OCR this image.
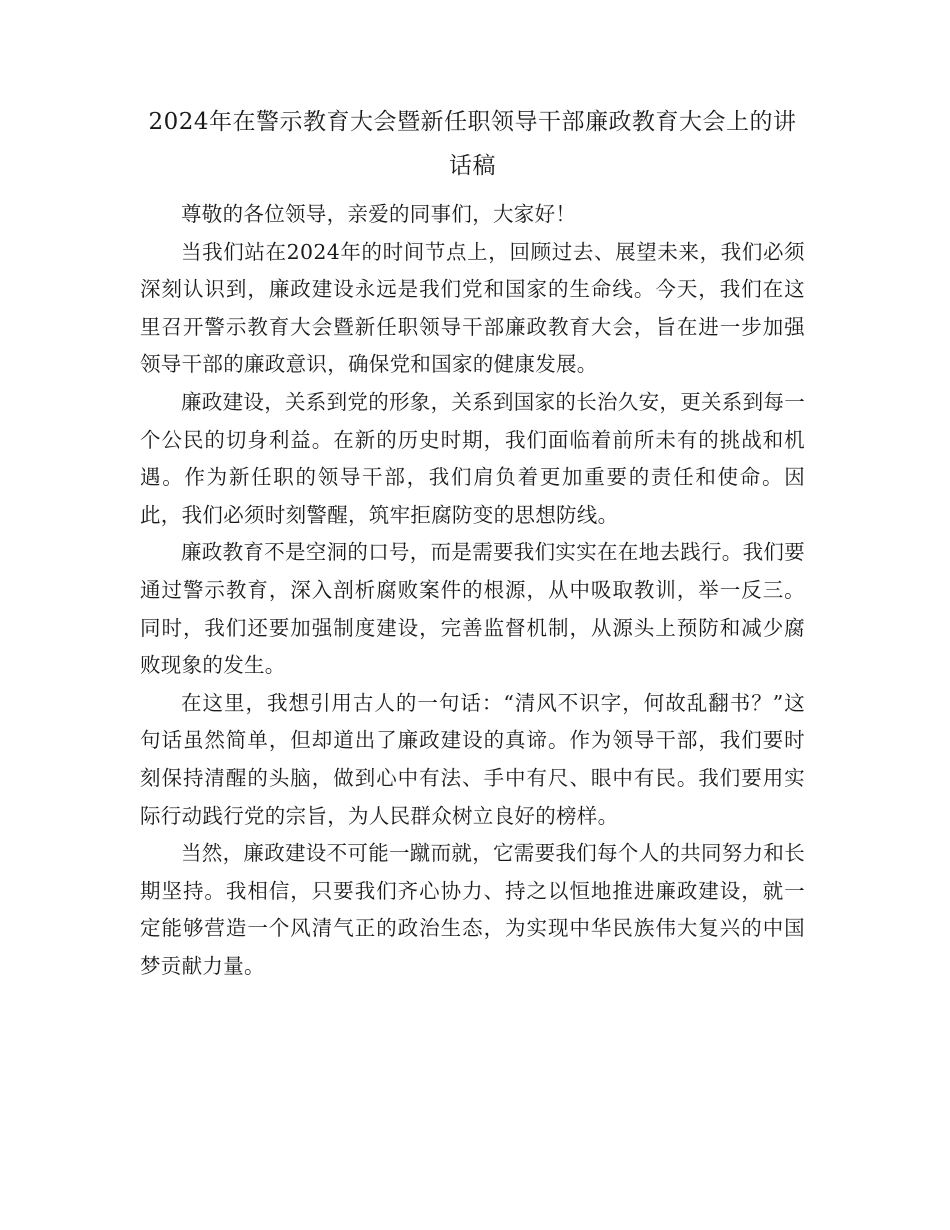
2024年在警示教育大会暨新任职领导干部廉政教育大会上的讲话稿

尊敬的各位领导，亲爱的同事们，大家好！

当我们站在2024年的时间节点上，回顾过去、展望未来，我们必须深刻认识到，廉政建设永远是我们党和国家的生命线。今天，我们在这里召开警示教育大会暨新任职领导干部廉政教育大会，旨在进一步加强领导干部的廉政意识，确保党和国家的健康发展。

廉政建设，关系到党的形象，关系到国家的长治久安，更关系到每一个公民的切身利益。在新的历史时期，我们面临着前所未有的挑战和机遇。作为新任职的领导干部，我们肩负着更加重要的责任和使命。因此，我们必须时刻警醒，筑牢拒腐防变的思想防线。

廉政教育不是空洞的口号，而是需要我们实实在在地去践行。我们要通过警示教育，深入剖析腐败案件的根源，从中吸取教训，举一反三。同时，我们还要加强制度建设，完善监督机制，从源头上预防和减少腐败现象的发生。

在这里，我想引用古人的一句话：“清风不识字，何故乱翻书？”这句话虽然简单，但却道出了廉政建设的真谛。作为领导干部，我们要时刻保持清醒的头脑，做到心中有法、手中有尺、眼中有民。我们要用实际行动践行党的宗旨，为人民群众树立良好的榜样。

当然，廉政建设不可能一蹴而就，它需要我们每个人的共同努力和长期坚持。我相信，只要我们齐心协力、持之以恒地推进廉政建设，就一定能够营造一个风清气正的政治生态，为实现中华民族伟大复兴的中国梦贡献力量。
